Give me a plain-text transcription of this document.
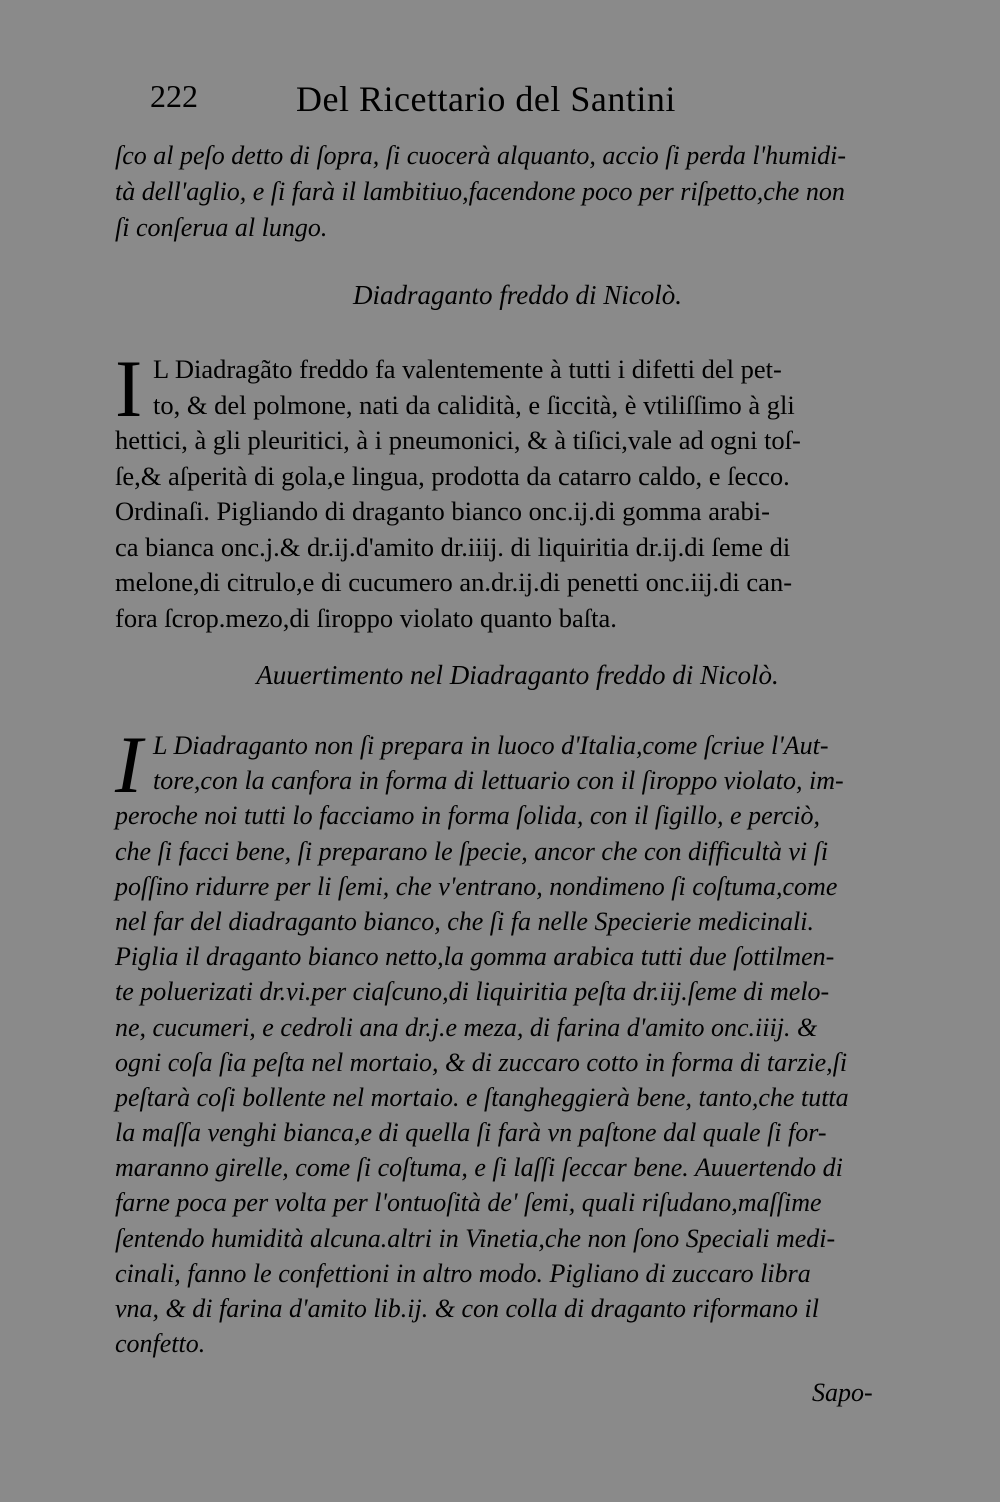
222	Del Ricettario del Santini
ſco al peſo detto di ſopra, ſi cuocerà alquanto, accio ſi perda l'humidi-
tà dell'aglio, e ſi farà il lambitiuo,facendone poco per riſpetto,che non
ſi conſerua al lungo.
Diadraganto freddo di Nicolò.
I L Diadragãto freddo fa valentemente à tutti i difetti del pet-
to, & del polmone, nati da calidità, e ſiccità, è vtiliſſimo à gli
hettici, à gli pleuritici, à i pneumonici, & à tiſici,vale ad ogni toſ-
ſe,& aſperità di gola,e lingua, prodotta da catarro caldo, e ſecco.
Ordinaſi. Pigliando di draganto bianco onc.ij.di gomma arabi-
ca bianca onc.j.& dr.ij.d'amito dr.iiij. di liquiritia dr.ij.di ſeme di
melone,di citrulo,e di cucumero an.dr.ij.di penetti onc.iij.di can-
fora ſcrop.mezo,di ſiroppo violato quanto baſta.
Auuertimento nel Diadraganto freddo di Nicolò.
I L Diadraganto non ſi prepara in luoco d'Italia,come ſcriue l'Aut-
tore,con la canfora in forma di lettuario con il ſiroppo violato, im-
peroche noi tutti lo facciamo in forma ſolida, con il ſigillo, e perciò,
che ſi facci bene, ſi preparano le ſpecie, ancor che con difficultà vi ſi
poſſino ridurre per li ſemi, che v'entrano, nondimeno ſi coſtuma,come
nel far del diadraganto bianco, che ſi fa nelle Specierie medicinali.
Piglia il draganto bianco netto,la gomma arabica tutti due ſottilmen-
te poluerizati dr.vi.per ciaſcuno,di liquiritia peſta dr.iij.ſeme di melo-
ne, cucumeri, e cedroli ana dr.j.e meza, di farina d'amito onc.iiij. &
ogni coſa ſia peſta nel mortaio, & di zuccaro cotto in forma di tarzie,ſi
peſtarà coſi bollente nel mortaio. e ſtangheggierà bene, tanto,che tutta
la maſſa venghi bianca,e di quella ſi farà vn paſtone dal quale ſi for-
maranno girelle, come ſi coſtuma, e ſi laſſi ſeccar bene. Auuertendo di
farne poca per volta per l'ontuoſità de' ſemi, quali riſudano,maſſime
ſentendo humidità alcuna.altri in Vinetia,che non ſono Speciali medi-
cinali, fanno le confettioni in altro modo. Pigliano di zuccaro libra
vna, & di farina d'amito lib.ij. & con colla di draganto riformano il
confetto.
Sapo-
